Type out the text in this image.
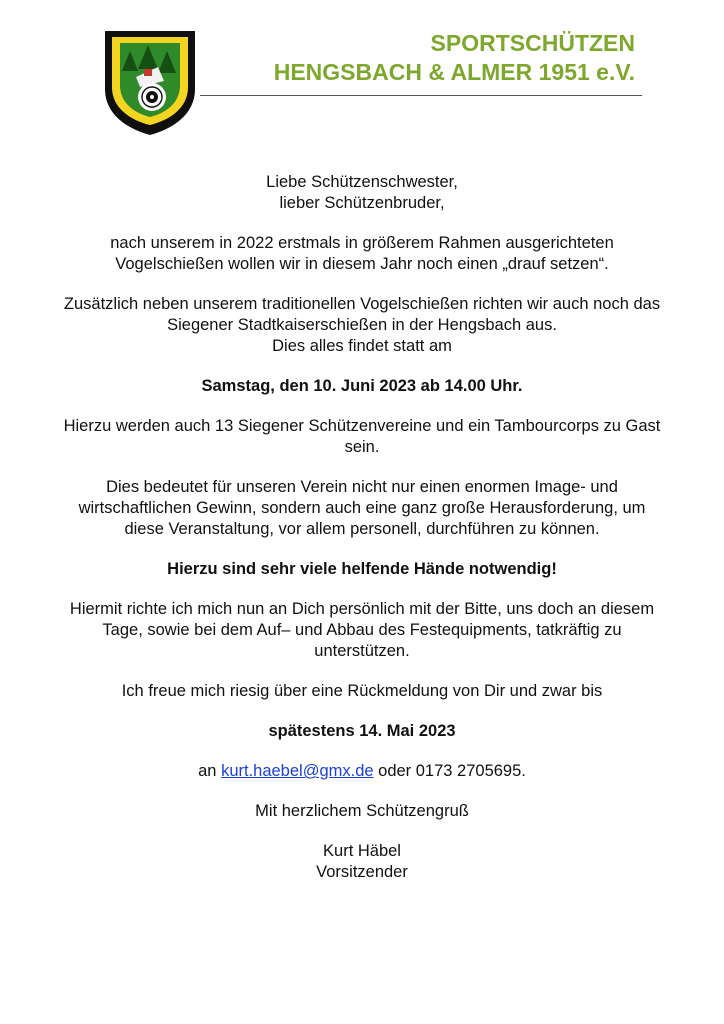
SPORTSCHÜTZEN
HENGSBACH & ALMER 1951 e.V.

Liebe Schützenschwester,

lieber Schützenbruder,

nach unserem in 2022 erstmals in größerem Rahmen ausgerichteten Vogelschießen wollen wir in diesem Jahr noch einen „drauf setzen“.

Zusätzlich neben unserem traditionellen Vogelschießen richten wir auch noch das Siegener Stadtkaiserschießen in der Hengsbach aus.

Dies alles findet statt am

Samstag, den 10. Juni 2023 ab 14.00 Uhr.

Hierzu werden auch 13 Siegener Schützenvereine und ein Tambourcorps zu Gast sein.

Dies bedeutet für unseren Verein nicht nur einen enormen Image- und wirtschaftlichen Gewinn, sondern auch eine ganz große Herausforderung, um diese Veranstaltung, vor allem personell, durchführen zu können.

Hierzu sind sehr viele helfende Hände notwendig!

Hiermit richte ich mich nun an Dich persönlich mit der Bitte, uns doch an diesem Tage, sowie bei dem Auf– und Abbau des Festequipments, tatkräftig zu unterstützen.

Ich freue mich riesig über eine Rückmeldung von Dir und zwar bis

spätestens 14. Mai 2023

an kurt.haebel@gmx.de oder 0173 2705695.

Mit herzlichem Schützengruß

Kurt Häbel

Vorsitzender
